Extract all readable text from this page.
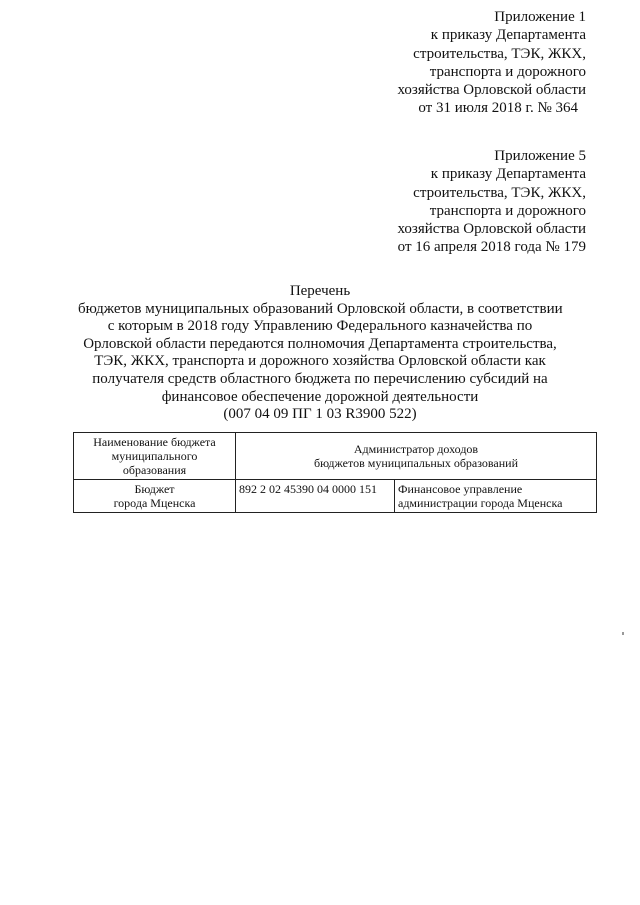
Приложение 1
к приказу Департамента
строительства, ТЭК, ЖКХ,
транспорта и дорожного
хозяйства Орловской области
от 31 июля 2018 г. № 364
Приложение 5
к приказу Департамента
строительства, ТЭК, ЖКХ,
транспорта и дорожного
хозяйства Орловской области
от 16 апреля 2018 года № 179
Перечень
бюджетов муниципальных образований Орловской области, в соответствии
с которым в 2018 году Управлению Федерального казначейства по
Орловской области передаются полномочия Департамента строительства,
ТЭК, ЖКХ, транспорта и дорожного хозяйства Орловской области как
получателя средств областного бюджета по перечислению субсидий на
финансовое обеспечение дорожной деятельности
(007 04 09 ПГ 1 03 R3900 522)
Наименование бюджета
муниципального
образования	Администратор доходов
бюджетов муниципальных образований	

Бюджет
города Мценска	892 2 02 45390 04 0000 151	Финансовое управление
администрации города Мценска
